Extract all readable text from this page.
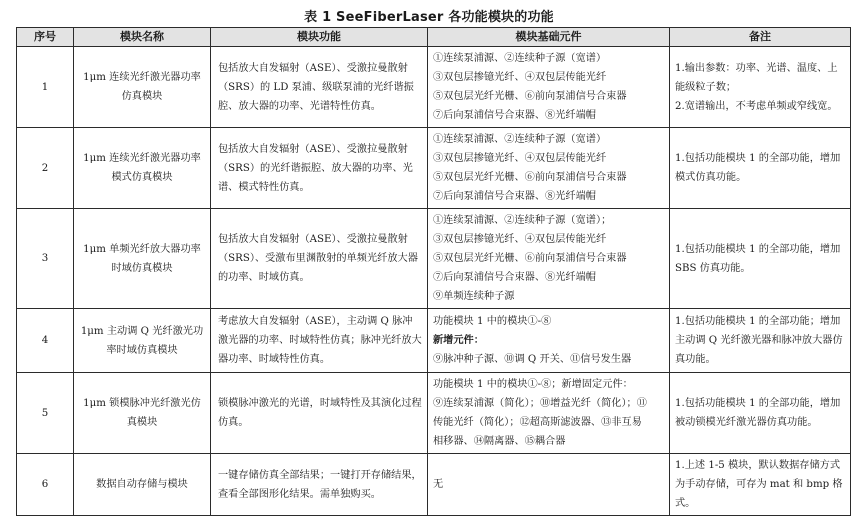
表 1 SeeFiberLaser 各功能模块的功能
序号	模块名称	模块功能	模块基础元件	备注
1	1μm 连续光纤激光器功率仿真模块	包括放大自发辐射（ASE）、受激拉曼散射（SRS）的 LD 泵浦、级联泵浦的光纤谐振腔、放大器的功率、光谱特性仿真。	①连续泵浦源、②连续种子源（宽谱）
③双包层掺镱光纤、④双包层传能光纤
⑤双包层光纤光栅、⑥前向泵浦信号合束器
⑦后向泵浦信号合束器、⑧光纤端帽	1.输出参数：功率、光谱、温度、上能级粒子数；
2.宽谱输出，不考虑单频或窄线宽。

2	1μm 连续光纤激光器功率模式仿真模块	包括放大自发辐射（ASE）、受激拉曼散射（SRS）的光纤谐振腔、放大器的功率、光谱、模式特性仿真。	①连续泵浦源、②连续种子源（宽谱）
③双包层掺镱光纤、④双包层传能光纤
⑤双包层光纤光栅、⑥前向泵浦信号合束器
⑦后向泵浦信号合束器、⑧光纤端帽	1.包括功能模块 1 的全部功能，增加模式仿真功能。

3	1μm 单频光纤放大器功率时域仿真模块	包括放大自发辐射（ASE）、受激拉曼散射（SRS）、受激布里渊散射的单频光纤放大器的功率、时域仿真。	①连续泵浦源、②连续种子源（宽谱）；
③双包层掺镱光纤、④双包层传能光纤
⑤双包层光纤光栅、⑥前向泵浦信号合束器
⑦后向泵浦信号合束器、⑧光纤端帽
⑨单频连续种子源	1.包括功能模块 1 的全部功能，增加 SBS 仿真功能。

4	1μm 主动调 Q 光纤激光功率时域仿真模块	考虑放大自发辐射（ASE），主动调 Q 脉冲激光器的功率、时域特性仿真；脉冲光纤放大器功率、时域特性仿真。	功能模块 1 中的模块①-⑧
新增元件：
⑨脉冲种子源、⑩调 Q 开关、⑪信号发生器	1.包括功能模块 1 的全部功能；增加主动调 Q 光纤激光器和脉冲放大器仿真功能。

5	1μm 锁模脉冲光纤激光仿真模块	锁模脉冲激光的光谱，时域特性及其演化过程仿真。	功能模块 1 中的模块①-⑧；新增固定元件：
⑨连续泵浦源（简化）；⑩增益光纤（简化）；⑪
传能光纤（简化）；⑫超高斯滤波器、⑬非互易
相移器、⑭隔离器、⑮耦合器	1.包括功能模块 1 的全部功能，增加被动锁模光纤激光器仿真功能。

6	数据自动存储与模块	一键存储仿真全部结果；一键打开存储结果，查看全部图形化结果。需单独购买。	无	1.上述 1-5 模块，默认数据存储方式为手动存储，可存为 mat 和 bmp 格式。
